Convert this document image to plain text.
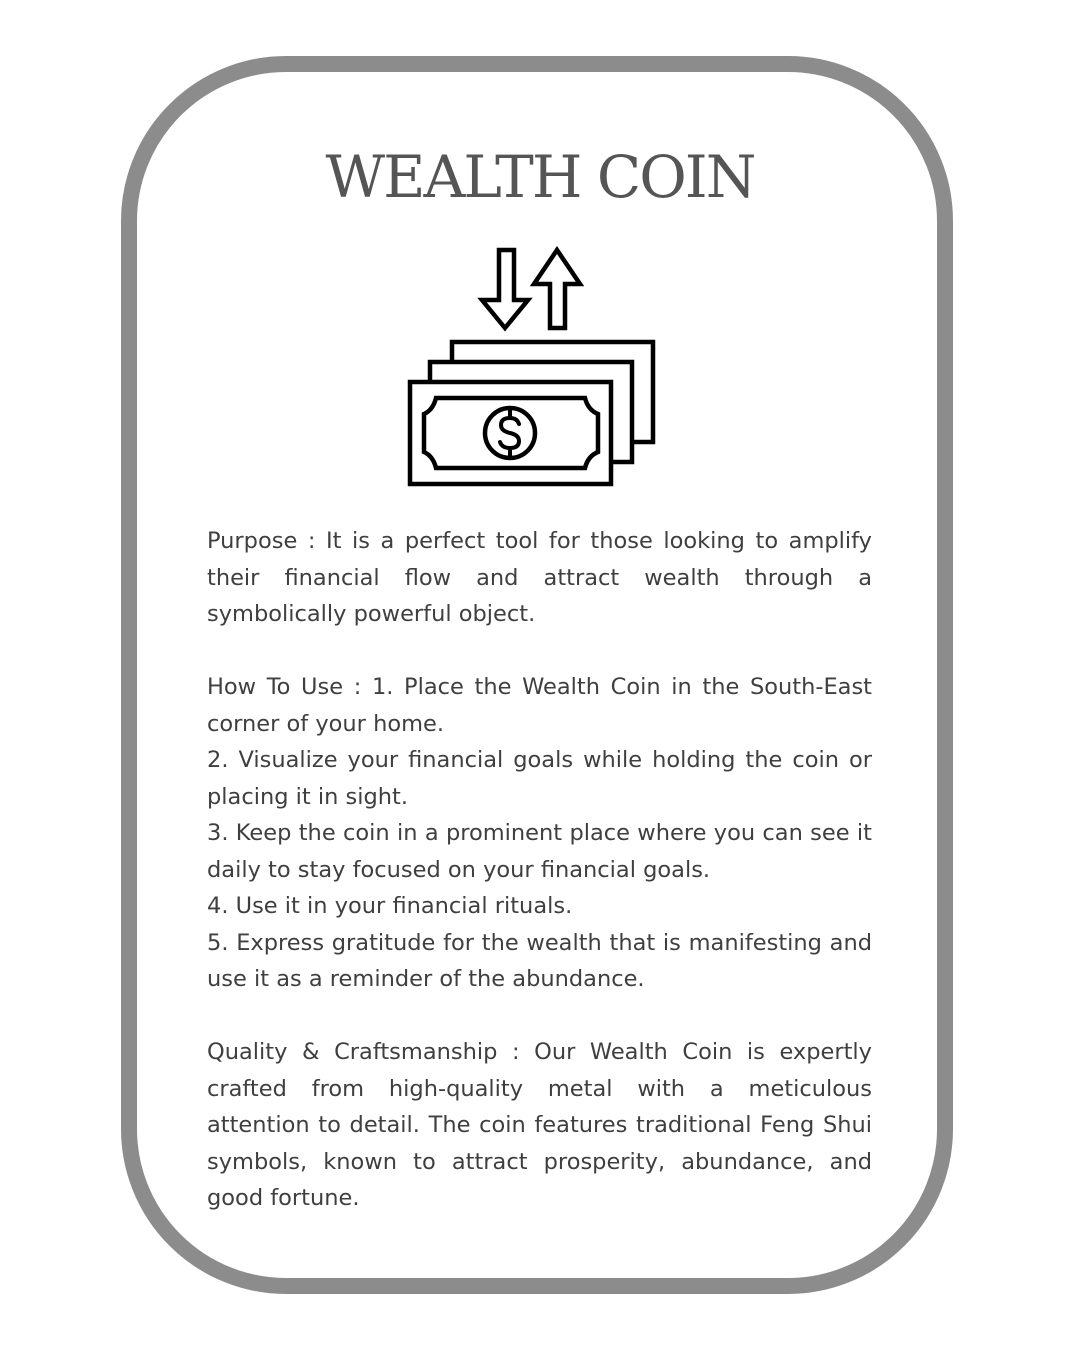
WEALTH COIN

Purpose : It is a perfect tool for those looking to amplify their financial flow and attract wealth through a symbolically powerful object.

How To Use : 1. Place the Wealth Coin in the South-East corner of your home.
2. Visualize your financial goals while holding the coin or placing it in sight.
3. Keep the coin in a prominent place where you can see it daily to stay focused on your financial goals.
4. Use it in your financial rituals.
5. Express gratitude for the wealth that is manifesting and use it as a reminder of the abundance.

Quality & Craftsmanship : Our Wealth Coin is expertly crafted from high-quality metal with a meticulous attention to detail. The coin features traditional Feng Shui symbols, known to attract prosperity, abundance, and good fortune.
